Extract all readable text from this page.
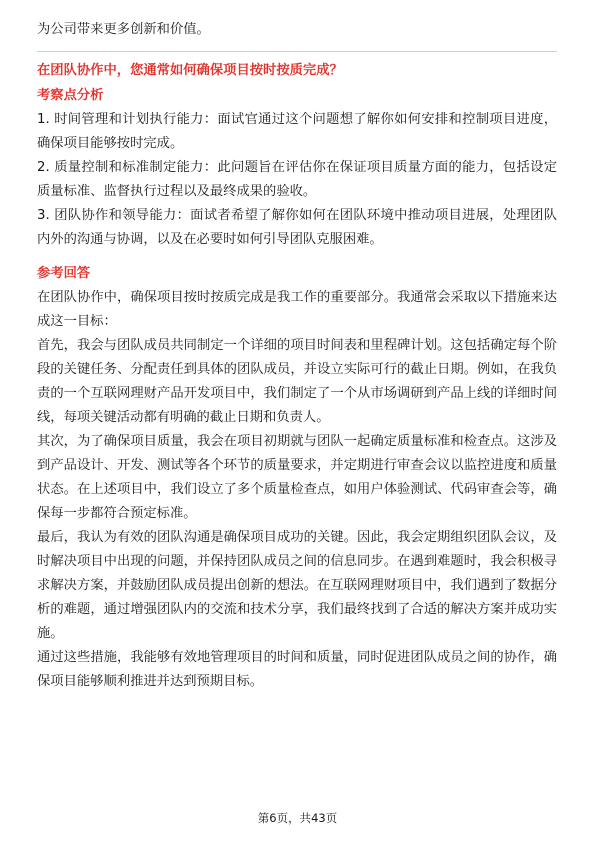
为公司带来更多创新和价值。

在团队协作中，您通常如何确保项目按时按质完成？

考察点分析

1. 时间管理和计划执行能力：面试官通过这个问题想了解你如何安排和控制项目进度，确保项目能够按时完成。

2. 质量控制和标准制定能力：此问题旨在评估你在保证项目质量方面的能力，包括设定质量标准、监督执行过程以及最终成果的验收。

3. 团队协作和领导能力：面试者希望了解你如何在团队环境中推动项目进展，处理团队内外的沟通与协调，以及在必要时如何引导团队克服困难。

参考回答

在团队协作中，确保项目按时按质完成是我工作的重要部分。我通常会采取以下措施来达成这一目标：

首先，我会与团队成员共同制定一个详细的项目时间表和里程碑计划。这包括确定每个阶段的关键任务、分配责任到具体的团队成员，并设立实际可行的截止日期。例如，在我负责的一个互联网理财产品开发项目中，我们制定了一个从市场调研到产品上线的详细时间线，每项关键活动都有明确的截止日期和负责人。

其次，为了确保项目质量，我会在项目初期就与团队一起确定质量标准和检查点。这涉及到产品设计、开发、测试等各个环节的质量要求，并定期进行审查会议以监控进度和质量状态。在上述项目中，我们设立了多个质量检查点，如用户体验测试、代码审查会等，确保每一步都符合预定标准。

最后，我认为有效的团队沟通是确保项目成功的关键。因此，我会定期组织团队会议，及时解决项目中出现的问题，并保持团队成员之间的信息同步。在遇到难题时，我会积极寻求解决方案，并鼓励团队成员提出创新的想法。在互联网理财项目中，我们遇到了数据分析的难题，通过增强团队内的交流和技术分享，我们最终找到了合适的解决方案并成功实施。

通过这些措施，我能够有效地管理项目的时间和质量，同时促进团队成员之间的协作，确保项目能够顺利推进并达到预期目标。

第6页，共43页
